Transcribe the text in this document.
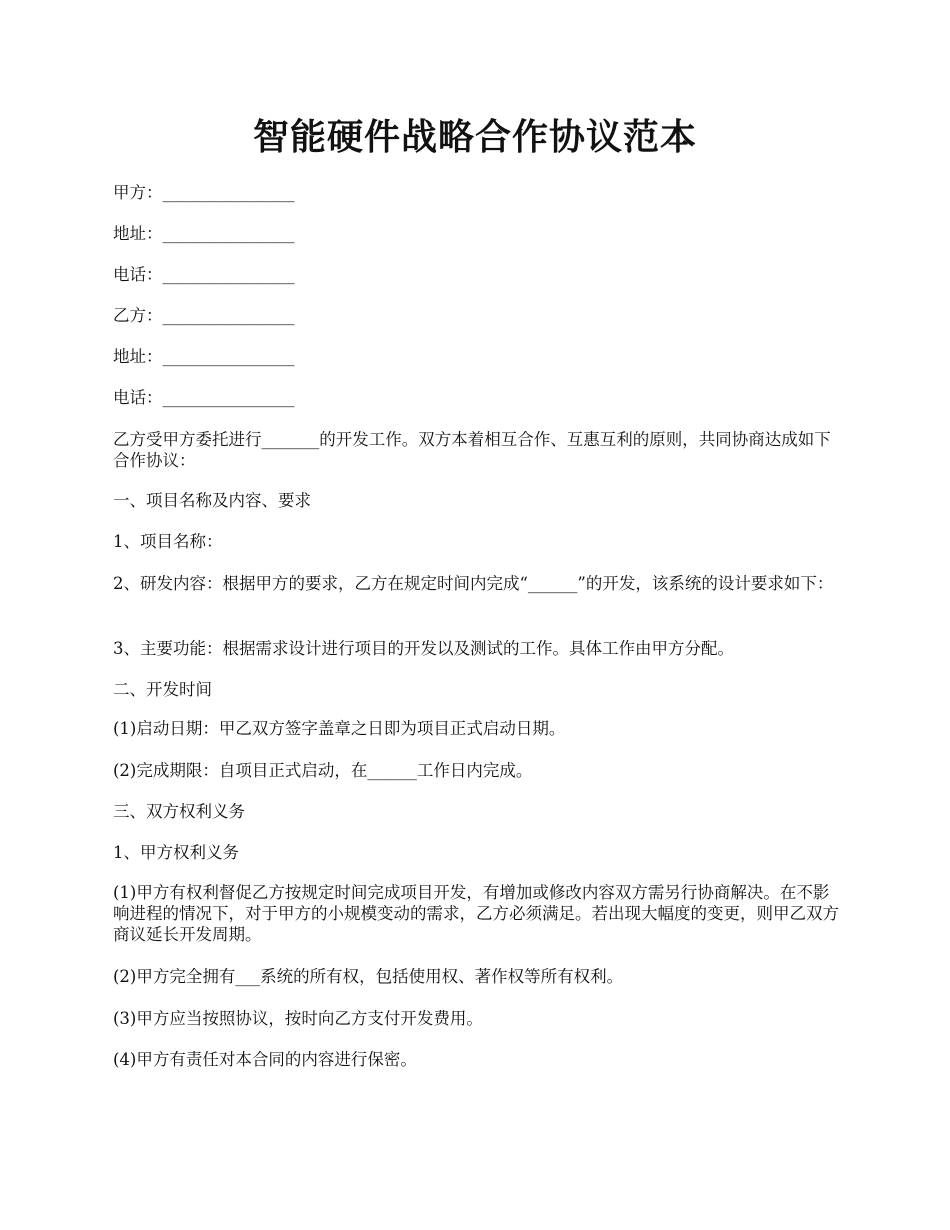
智能硬件战略合作协议范本

甲方：________________

地址：________________

电话：________________

乙方：________________

地址：________________

电话：________________

乙方受甲方委托进行_______的开发工作。双方本着相互合作、互惠互利的原则，共同协商达成如下合作协议：

一、项目名称及内容、要求

1、项目名称：

2、研发内容：根据甲方的要求，乙方在规定时间内完成“______”的开发，该系统的设计要求如下：

3、主要功能：根据需求设计进行项目的开发以及测试的工作。具体工作由甲方分配。

二、开发时间

(1)启动日期：甲乙双方签字盖章之日即为项目正式启动日期。

(2)完成期限：自项目正式启动，在______工作日内完成。

三、双方权利义务

1、甲方权利义务

(1)甲方有权利督促乙方按规定时间完成项目开发，有增加或修改内容双方需另行协商解决。在不影响进程的情况下，对于甲方的小规模变动的需求，乙方必须满足。若出现大幅度的变更，则甲乙双方商议延长开发周期。

(2)甲方完全拥有___系统的所有权，包括使用权、著作权等所有权利。

(3)甲方应当按照协议，按时向乙方支付开发费用。

(4)甲方有责任对本合同的内容进行保密。
